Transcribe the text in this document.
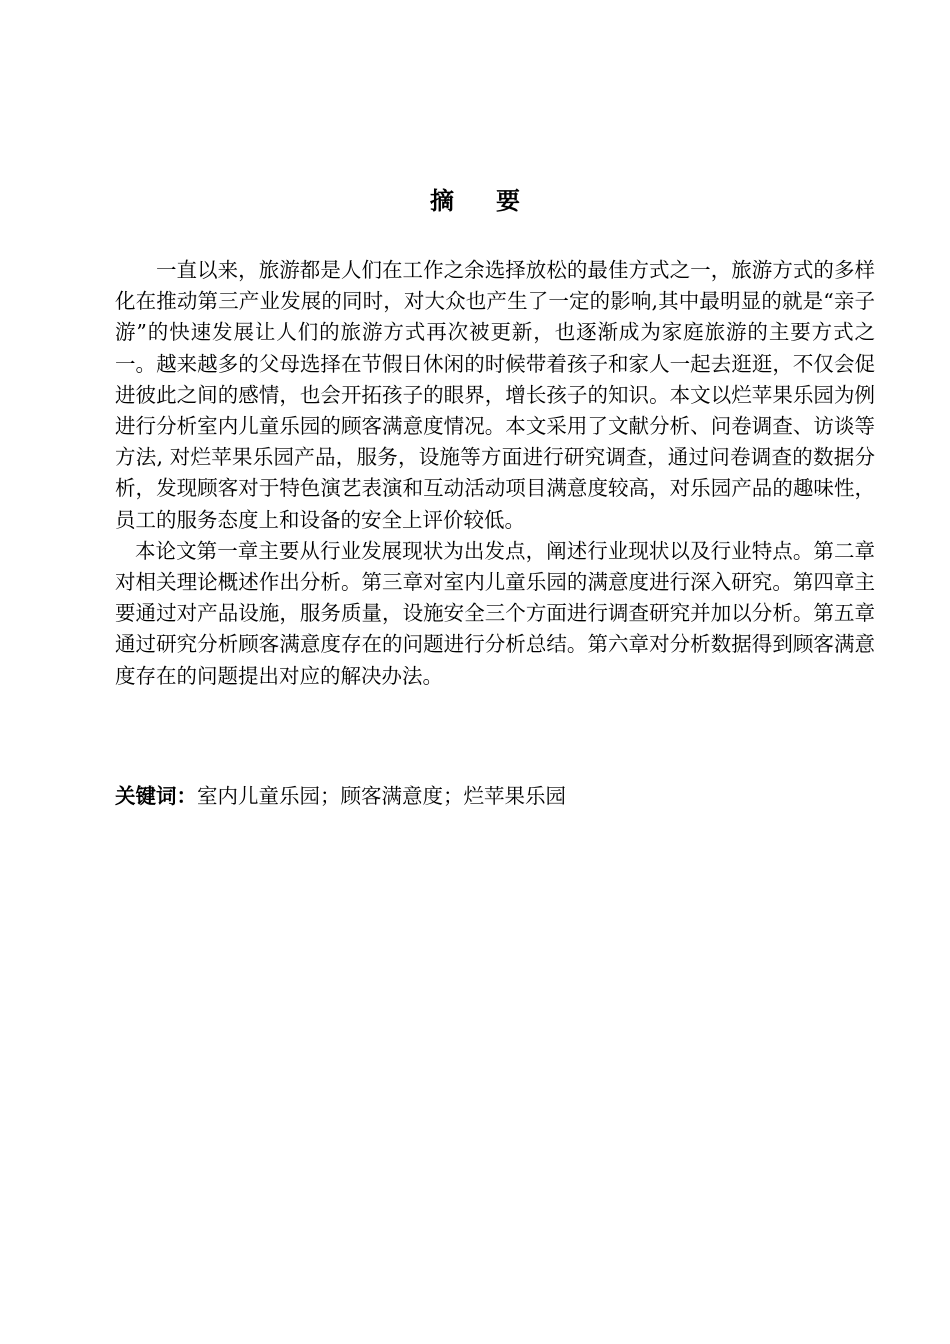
摘要

一直以来，旅游都是人们在工作之余选择放松的最佳方式之一，旅游方式的多样化在推动第三产业发展的同时，对大众也产生了一定的影响,其中最明显的就是“亲子游”的快速发展让人们的旅游方式再次被更新，也逐渐成为家庭旅游的主要方式之一。越来越多的父母选择在节假日休闲的时候带着孩子和家人一起去逛逛，不仅会促进彼此之间的感情，也会开拓孩子的眼界，增长孩子的知识。本文以烂苹果乐园为例进行分析室内儿童乐园的顾客满意度情况。本文采用了文献分析、问卷调查、访谈等方法, 对烂苹果乐园产品，服务，设施等方面进行研究调查，通过问卷调查的数据分析，发现顾客对于特色演艺表演和互动活动项目满意度较高，对乐园产品的趣味性，员工的服务态度上和设备的安全上评价较低。

本论文第一章主要从行业发展现状为出发点，阐述行业现状以及行业特点。第二章对相关理论概述作出分析。第三章对室内儿童乐园的满意度进行深入研究。第四章主要通过对产品设施，服务质量，设施安全三个方面进行调查研究并加以分析。第五章通过研究分析顾客满意度存在的问题进行分析总结。第六章对分析数据得到顾客满意度存在的问题提出对应的解决办法。

关键词：室内儿童乐园；顾客满意度；烂苹果乐园
